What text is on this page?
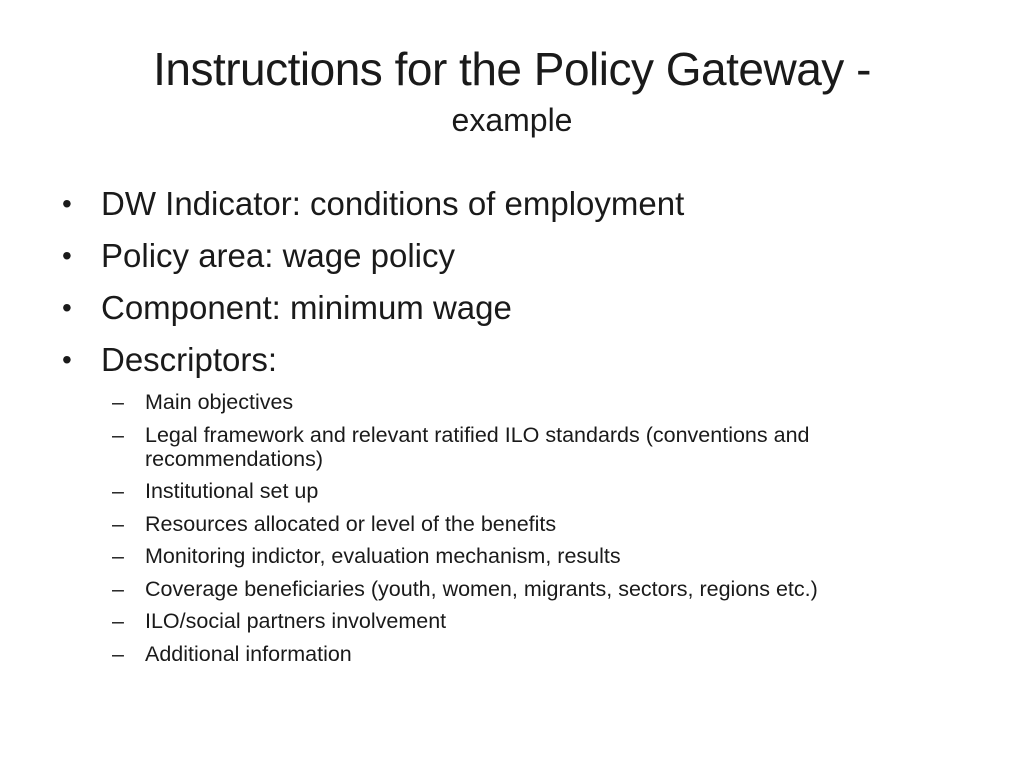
Instructions for the Policy Gateway -
example
• DW Indicator: conditions of employment
• Policy area: wage policy
• Component: minimum wage
• Descriptors:
– Main objectives
– Legal framework and relevant ratified ILO standards (conventions and recommendations)
– Institutional set up
– Resources allocated or level of the benefits
– Monitoring indictor, evaluation mechanism, results
– Coverage beneficiaries (youth, women, migrants, sectors, regions etc.)
– ILO/social partners involvement
– Additional information
